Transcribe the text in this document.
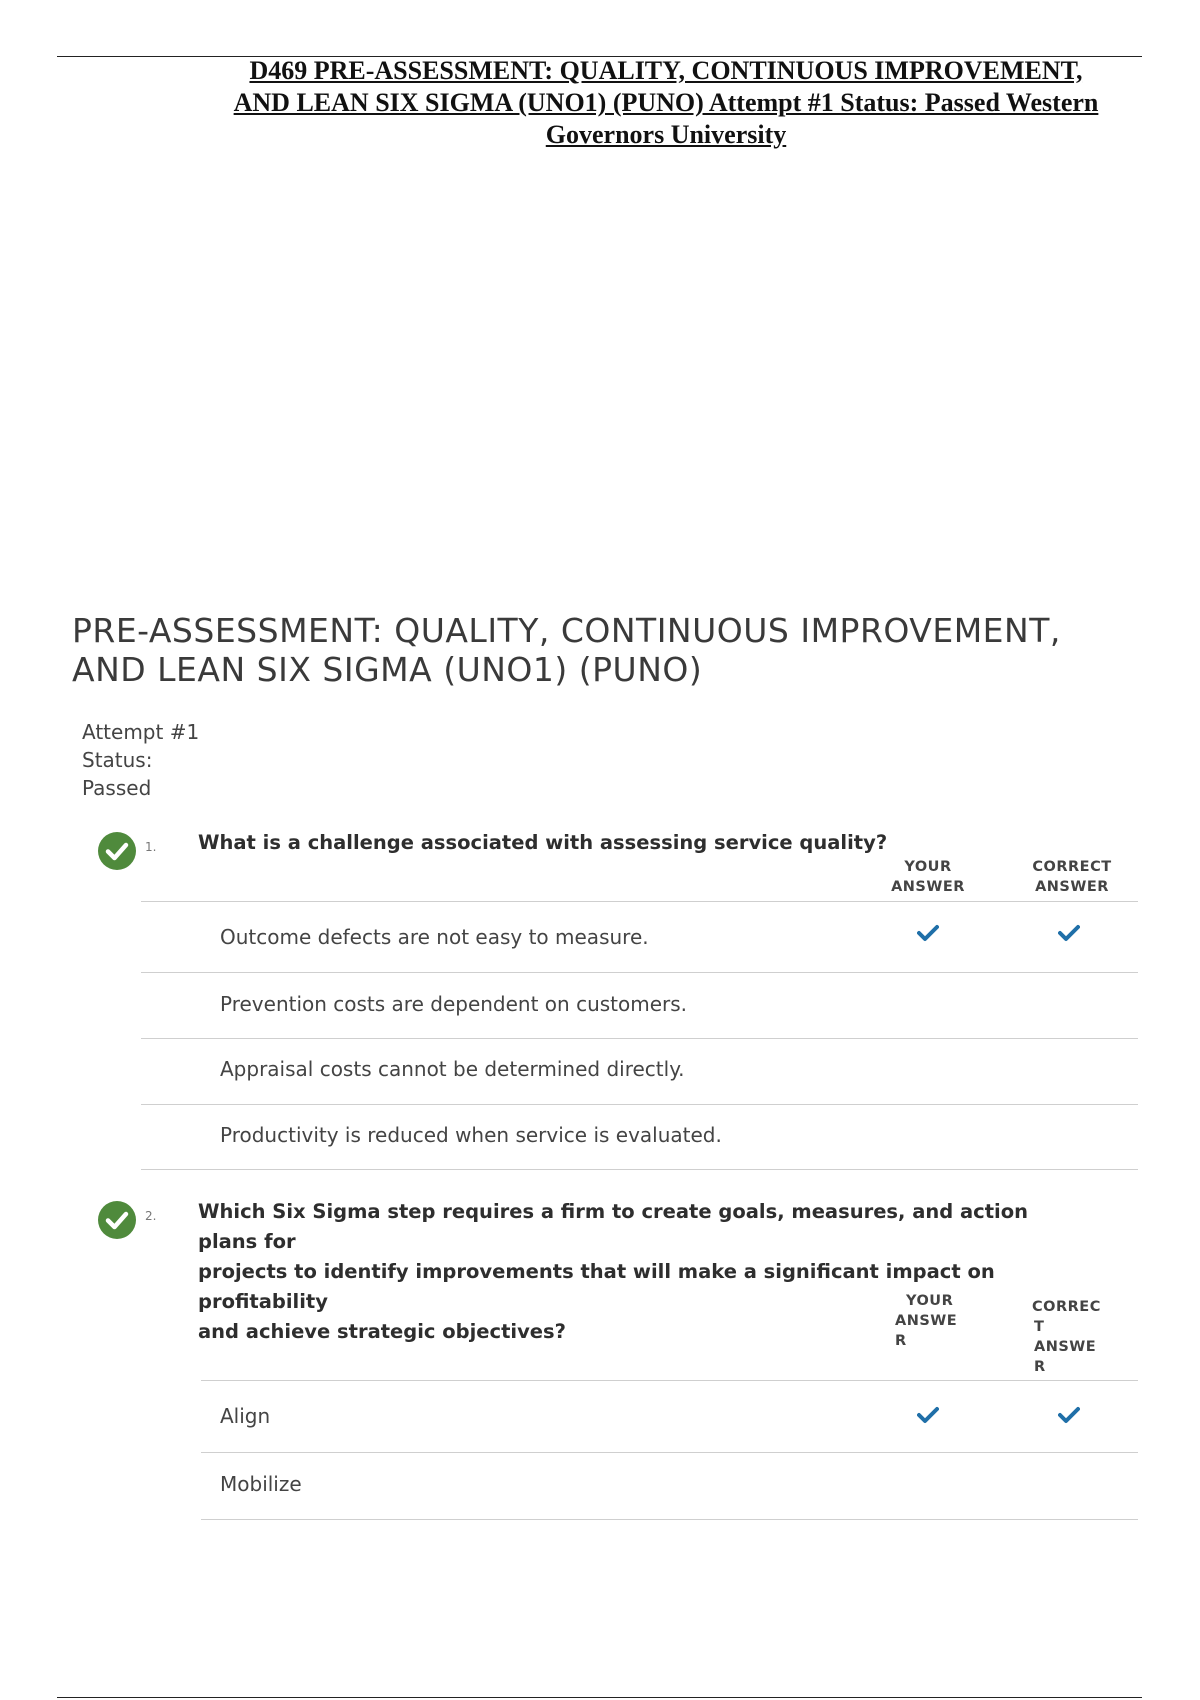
D469 PRE-ASSESSMENT: QUALITY, CONTINUOUS IMPROVEMENT,
AND LEAN SIX SIGMA (UNO1) (PUNO) Attempt #1 Status: Passed Western
Governors University
PRE-ASSESSMENT: QUALITY, CONTINUOUS IMPROVEMENT,
AND LEAN SIX SIGMA (UNO1) (PUNO)
Attempt #1
Status:
Passed
1. What is a challenge associated with assessing service quality?
YOUR
ANSWER
CORRECT
ANSWER
Outcome defects are not easy to measure.
Prevention costs are dependent on customers.
Appraisal costs cannot be determined directly.
Productivity is reduced when service is evaluated.
2. Which Six Sigma step requires a firm to create goals, measures, and action plans for
projects to identify improvements that will make a significant impact on profitability
and achieve strategic objectives?
YOUR
ANSWE
R
CORREC
T
ANSWE
R
Align
Mobilize
